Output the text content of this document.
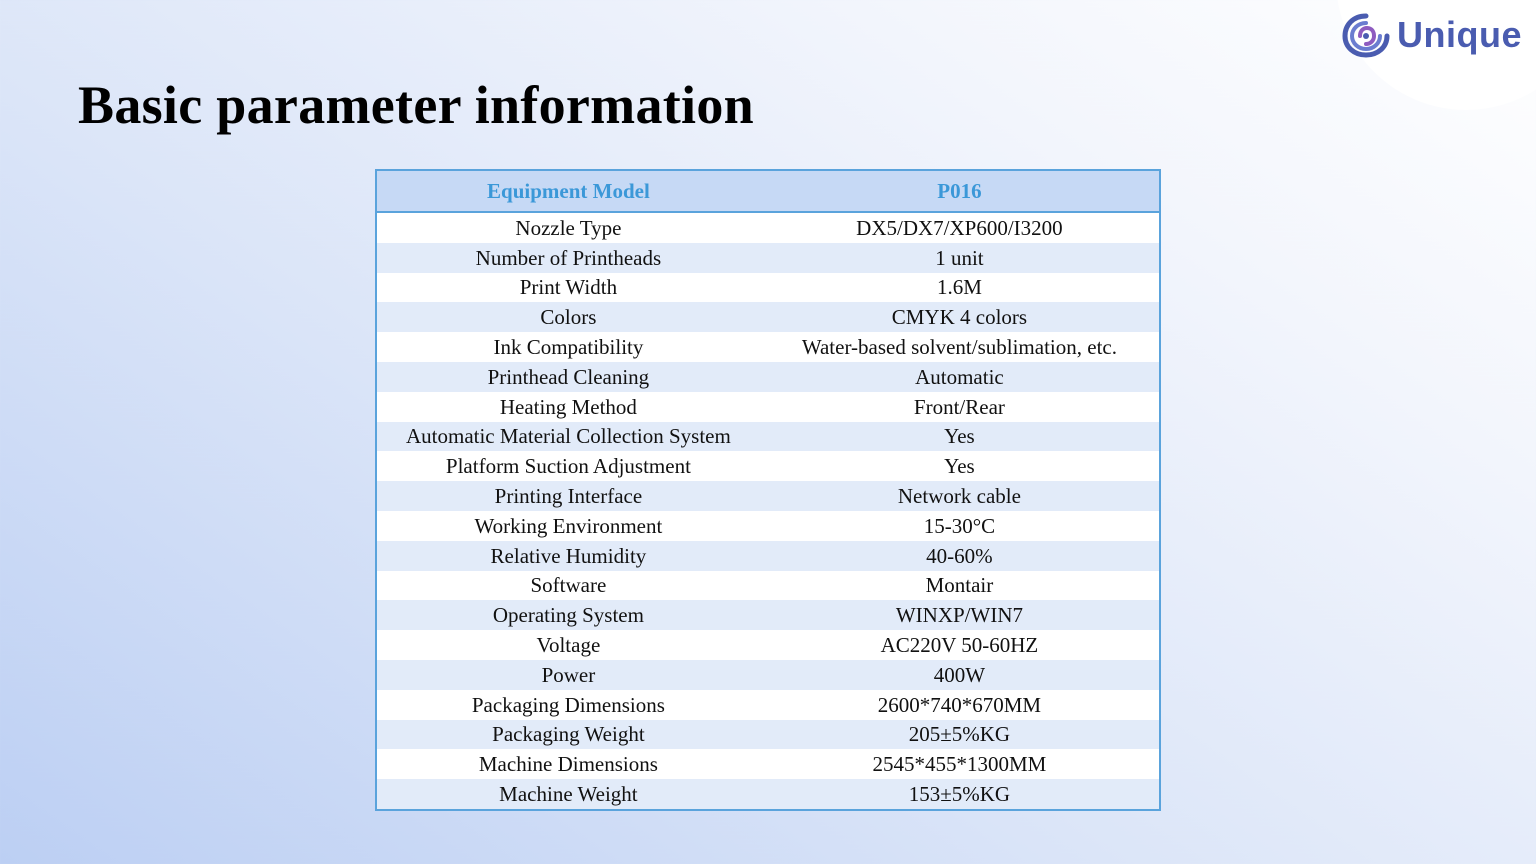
Unique
Basic parameter information
Equipment Model	P016
Nozzle Type	DX5/DX7/XP600/I3200
Number of Printheads	1 unit
Print Width	1.6M
Colors	CMYK 4 colors
Ink Compatibility	Water-based solvent/sublimation, etc.
Printhead Cleaning	Automatic
Heating Method	Front/Rear
Automatic Material Collection System	Yes
Platform Suction Adjustment	Yes
Printing Interface	Network cable
Working Environment	15-30°C
Relative Humidity	40-60%
Software	Montair
Operating System	WINXP/WIN7
Voltage	AC220V 50-60HZ
Power	400W
Packaging Dimensions	2600*740*670MM
Packaging Weight	205±5%KG
Machine Dimensions	2545*455*1300MM
Machine Weight	153±5%KG
